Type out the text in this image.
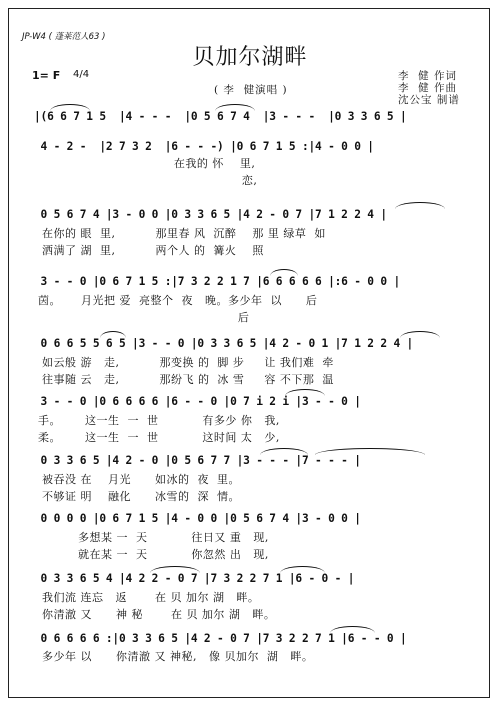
JP-W4 ( 蓬莱范人63 )
贝加尔湖畔
1= F 4/4	李  健 作词
李  健 作曲
沈公宝 制谱
( 李  健演唱 )
|(6 6 7 1 5  |4 - - -  |0 5 6 7 4  |3 - - -  |0 3 3 6 5 |
4 - 2 -  |2 7 3 2  |6 - - -) |0 6 7 1 5 :|4 - 0 0 |
在我的 怀    里,
恋,
0 5 6 7 4 |3 - 0 0 |0 3 3 6 5 |4 2 - 0 7 |7 1 2 2 4 |
在你的 眼  里,          那里春 风  沉醉    那 里 绿草  如
洒满了 湖  里,          两个人 的  篝火    照
3 - - 0 |0 6 7 1 5 :|7 3 2 2 1 7 |6 6 6 6 6 |:6 - 0 0 |
茵。     月光把 爱  亮整个  夜   晚。多少年  以      后
后
0 6 6 5 5 6 5 |3 - - 0 |0 3 3 6 5 |4 2 - 0 1 |7 1 2 2 4 |
如云般 游   走,          那变换 的  脚 步     让 我们难  牵
往事随 云   走,          那纷飞 的  冰 雪     容 不下那  温
3 - - 0 |0 6 6 6 6 |6 - - 0 |0 7 i 2 i |3 - - 0 |
手。      这一生  一  世           有多少 你   我,
柔。      这一生  一  世           这时间 太   少,
0 3 3 6 5 |4 2 - 0 |0 5 6 7 7 |3 - - - |7 - - - |
被吞没 在    月光      如冰的  夜  里。
不够证 明    融化      冰雪的  深  情。
0 0 0 0 |0 6 7 1 5 |4 - 0 0 |0 5 6 7 4 |3 - 0 0 |
多想某 一  天           往日又 重   现,
就在某 一  天           你忽然 出   现,
0 3 3 6 5 4 |4 2 2 - 0 7 |7 3 2 2 7 1 |6 - 0 - |
我们流 连忘   返       在 贝 加尔 湖   畔。
你清澈 又      神 秘       在 贝 加尔 湖   畔。
0 6 6 6 6 :|0 3 3 6 5 |4 2 - 0 7 |7 3 2 2 7 1 |6 - - 0 |
多少年 以      你清澈 又 神秘,   像 贝加尔  湖   畔。
